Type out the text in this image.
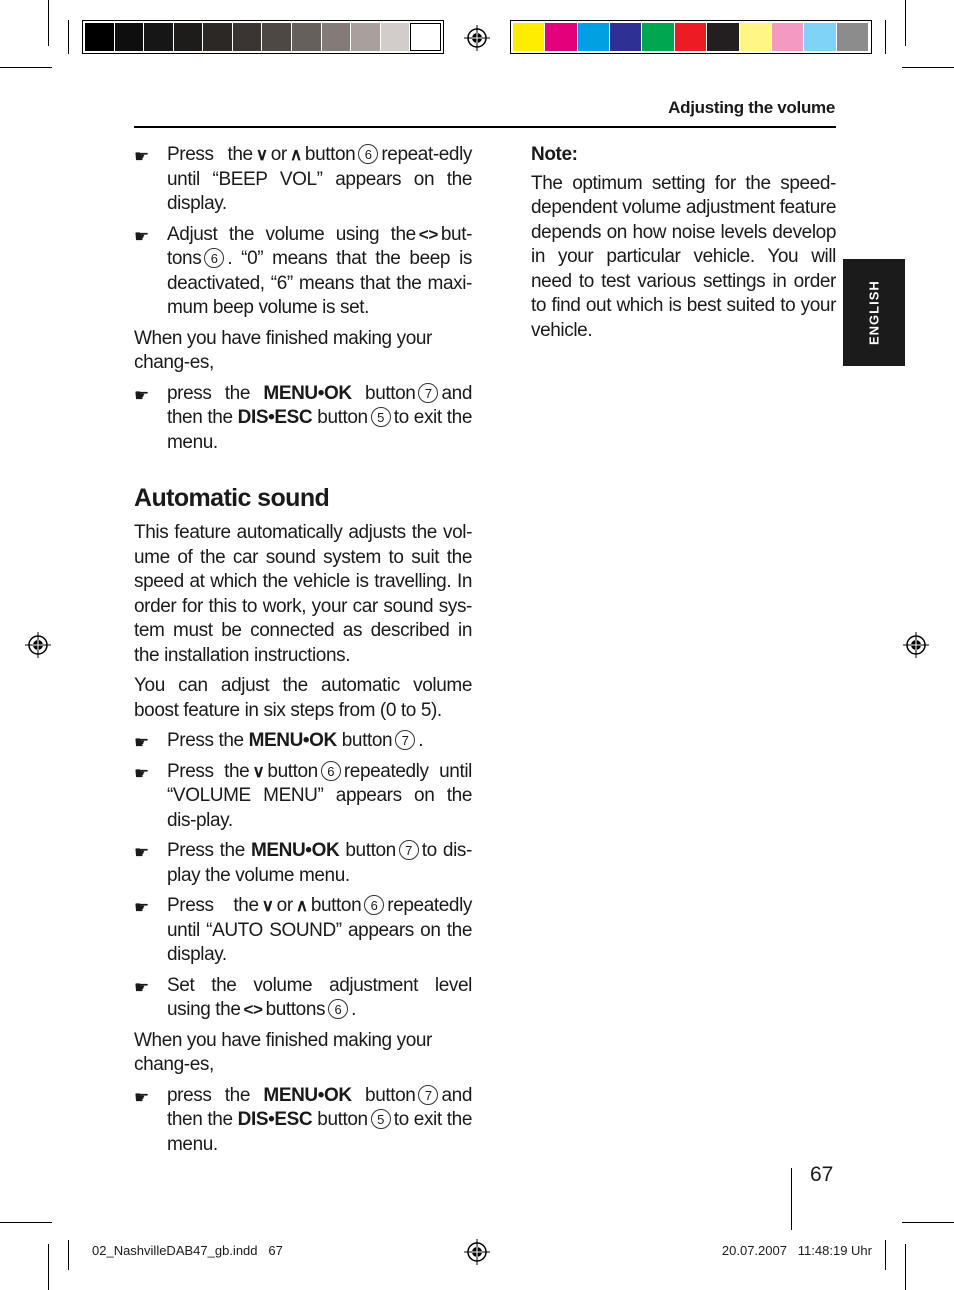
Adjusting the volume
☛ Press the ∨ or ∧ button 6 repeat-edly until “BEEP VOL” appears on the display.
☛ Adjust the volume using the <> but-tons 6 . “0” means that the beep is deactivated, “6” means that the maxi-mum beep volume is set.

When you have finished making your chang-es,

☛ press the MENU•OK button 7 and then the DIS•ESC button 5 to exit the menu.
Automatic sound

This feature automatically adjusts the vol-ume of the car sound system to suit the speed at which the vehicle is travelling. In order for this to work, your car sound sys-tem must be connected as described in the installation instructions.

You can adjust the automatic volume boost feature in six steps from (0 to 5).

☛ Press the MENU•OK button 7 .
☛ Press the ∨ button 6 repeatedly until “VOLUME MENU” appears on the dis-play.
☛ Press the MENU•OK button 7 to dis-play the volume menu.
☛ Press the ∨ or ∧ button 6 repeatedly until “AUTO SOUND” appears on the display.
☛ Set the volume adjustment level using the <> buttons 6 .

When you have finished making your chang-es,

☛ press the MENU•OK button 7 and then the DIS•ESC button 5 to exit the menu.
Note:

The optimum setting for the speed-dependent volume adjustment feature depends on how noise levels develop in your particular vehicle. You will need to test various settings in order to find out which is best suited to your vehicle.	ENGLISH
67
02_NashvilleDAB47_gb.indd   67	20.07.2007   11:48:19 Uhr
